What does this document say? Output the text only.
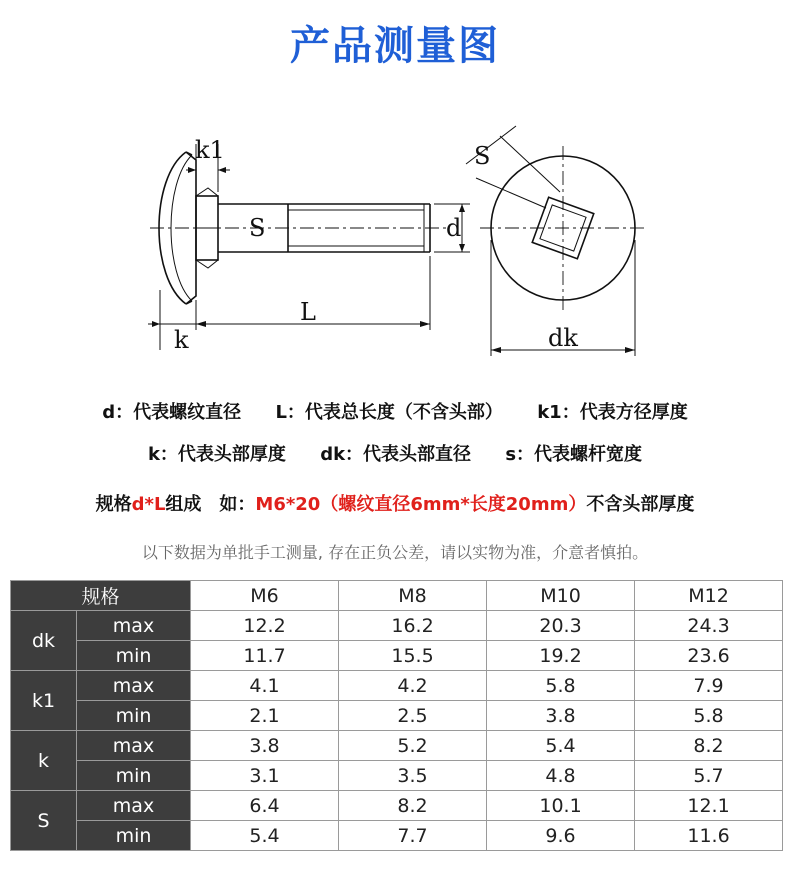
产品测量图
k1
S	d
L
k
S
dk
d：代表螺纹直径 L：代表总长度（不含头部） k1：代表方径厚度
k：代表头部厚度 dk：代表头部直径 s：代表螺杆宽度
规格d*L组成　如：M6*20（螺纹直径6mm*长度20mm）不含头部厚度
以下数据为单批手工测量, 存在正负公差，请以实物为准，介意者慎拍。
规格		M6	M8	M10	M12
dk	max	12.2	16.2	20.3	24.3
	min	11.7	15.5	19.2	23.6
k1	max	4.1	4.2	5.8	7.9
	min	2.1	2.5	3.8	5.8
k	max	3.8	5.2	5.4	8.2
	min	3.1	3.5	4.8	5.7
S	max	6.4	8.2	10.1	12.1
	min	5.4	7.7	9.6	11.6
